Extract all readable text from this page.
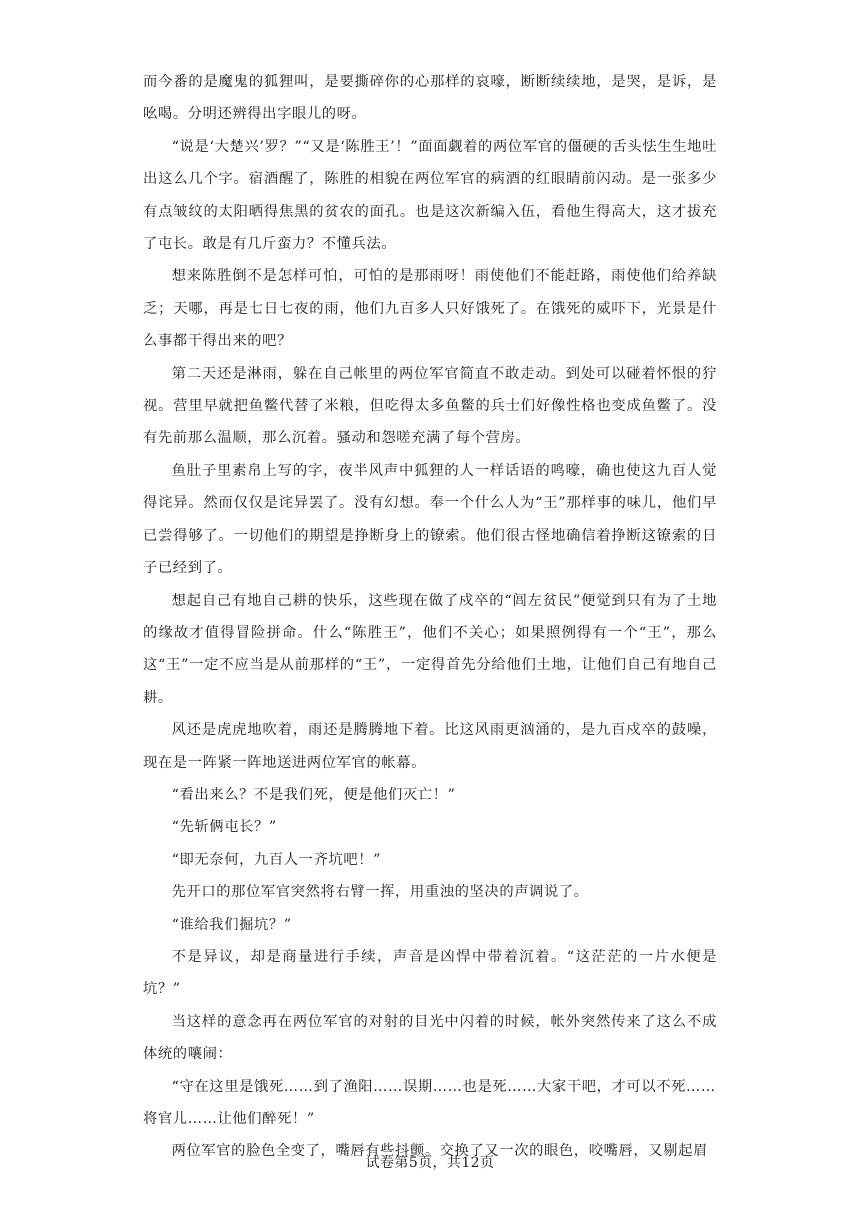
而今番的是魔鬼的狐狸叫，是要撕碎你的心那样的哀嚎，断断续续地，是哭，是诉，是吆喝。分明还辨得出字眼儿的呀。

“说是‘大楚兴’罗？”“又是‘陈胜王’！”面面觑着的两位军官的僵硬的舌头怯生生地吐出这么几个字。宿酒醒了，陈胜的相貌在两位军官的病酒的红眼睛前闪动。是一张多少有点皱纹的太阳晒得焦黑的贫农的面孔。也是这次新编入伍，看他生得高大，这才拔充了屯长。敢是有几斤蛮力？不懂兵法。

想来陈胜倒不是怎样可怕，可怕的是那雨呀！雨使他们不能赶路，雨使他们给养缺乏；天哪，再是七日七夜的雨，他们九百多人只好饿死了。在饿死的威吓下，光景是什么事都干得出来的吧？

第二天还是淋雨，躲在自己帐里的两位军官简直不敢走动。到处可以碰着怀恨的狞视。营里早就把鱼鳖代替了米粮，但吃得太多鱼鳖的兵士们好像性格也变成鱼鳖了。没有先前那么温顺，那么沉着。骚动和怨嗟充满了每个营房。

鱼肚子里素帛上写的字，夜半风声中狐狸的人一样话语的鸣嚎，确也使这九百人觉得诧异。然而仅仅是诧异罢了。没有幻想。奉一个什么人为“王”那样事的味儿，他们早已尝得够了。一切他们的期望是挣断身上的镣索。他们很古怪地确信着挣断这镣索的日子已经到了。

想起自己有地自己耕的快乐，这些现在做了戍卒的“闾左贫民”便觉到只有为了土地的缘故才值得冒险拼命。什么“陈胜王”，他们不关心；如果照例得有一个“王”，那么这“王”一定不应当是从前那样的“王”，一定得首先分给他们土地，让他们自己有地自己耕。

风还是虎虎地吹着，雨还是腾腾地下着。比这风雨更汹涌的，是九百戍卒的鼓噪，现在是一阵紧一阵地送进两位军官的帐幕。

“看出来么？不是我们死，便是他们灭亡！”

“先斩俩屯长？”

“即无奈何，九百人一齐坑吧！”

先开口的那位军官突然将右臂一挥，用重浊的坚决的声调说了。

“谁给我们掘坑？”

不是异议，却是商量进行手续，声音是凶悍中带着沉着。“这茫茫的一片水便是坑？”

当这样的意念再在两位军官的对射的目光中闪着的时候，帐外突然传来了这么不成体统的嚷闹：

“守在这里是饿死……到了渔阳……误期……也是死……大家干吧，才可以不死……将官儿……让他们醉死！”

两位军官的脸色全变了，嘴唇有些抖颤。交换了又一次的眼色，咬嘴唇，又剔起眉

试卷第5页，共12页
